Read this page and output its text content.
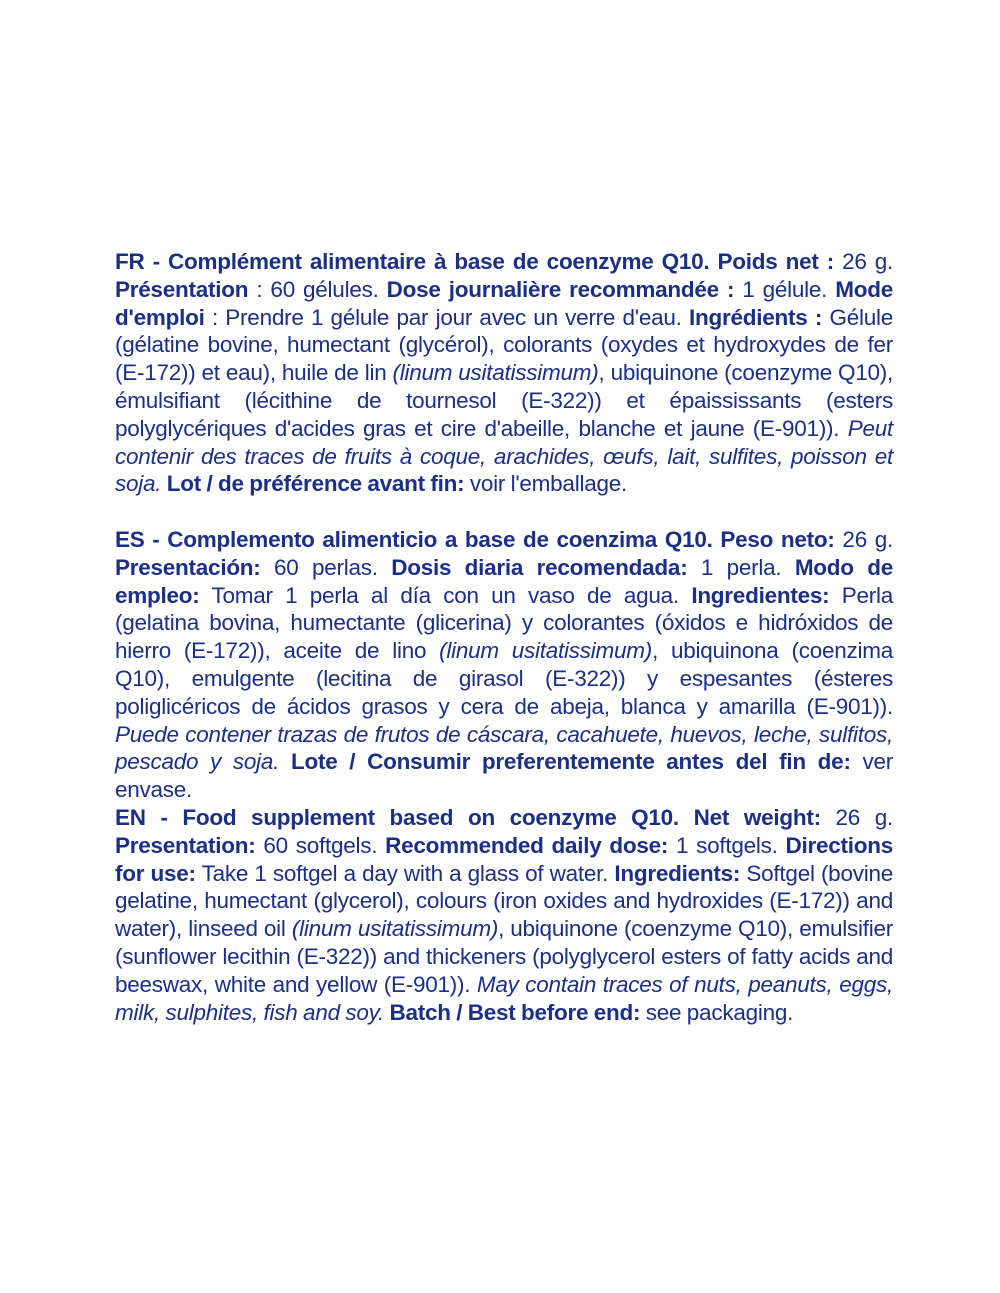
FR - Complément alimentaire à base de coenzyme Q10. Poids net : 26 g. Présentation : 60 gélules. Dose journalière recommandée : 1 gélule. Mode d'emploi : Prendre 1 gélule par jour avec un verre d'eau. Ingrédients : Gélule (gélatine bovine, humectant (glycérol), colorants (oxydes et hydroxydes de fer (E-172)) et eau), huile de lin (linum usitatissimum), ubiquinone (coenzyme Q10), émulsifiant (lécithine de tournesol (E-322)) et épaississants (esters polyglycériques d'acides gras et cire d'abeille, blanche et jaune (E-901)). Peut contenir des traces de fruits à coque, arachides, œufs, lait, sulfites, poisson et soja. Lot / de préférence avant fin: voir l'emballage.

ES - Complemento alimenticio a base de coenzima Q10. Peso neto: 26 g. Presentación: 60 perlas. Dosis diaria recomendada: 1 perla. Modo de empleo: Tomar 1 perla al día con un vaso de agua. Ingredientes: Perla (gelatina bovina, humectante (glicerina) y colorantes (óxidos e hidróxidos de hierro (E-172)), aceite de lino (linum usitatissimum), ubiquinona (coenzima Q10), emulgente (lecitina de girasol (E-322)) y espesantes (ésteres poliglicéricos de ácidos grasos y cera de abeja, blanca y amarilla (E-901)). Puede contener trazas de frutos de cáscara, cacahuete, huevos, leche, sulfitos, pescado y soja. Lote / Consumir preferentemente antes del fin de: ver envase.

EN - Food supplement based on coenzyme Q10. Net weight: 26 g. Presentation: 60 softgels. Recommended daily dose: 1 softgels. Directions for use: Take 1 softgel a day with a glass of water. Ingredients: Softgel (bovine gelatine, humectant (glycerol), colours (iron oxides and hydroxides (E-172)) and water), linseed oil (linum usitatissimum), ubiquinone (coenzyme Q10), emulsifier (sunflower lecithin (E-322)) and thickeners (polyglycerol esters of fatty acids and beeswax, white and yellow (E-901)). May contain traces of nuts, peanuts, eggs, milk, sulphites, fish and soy. Batch / Best before end: see packaging.
